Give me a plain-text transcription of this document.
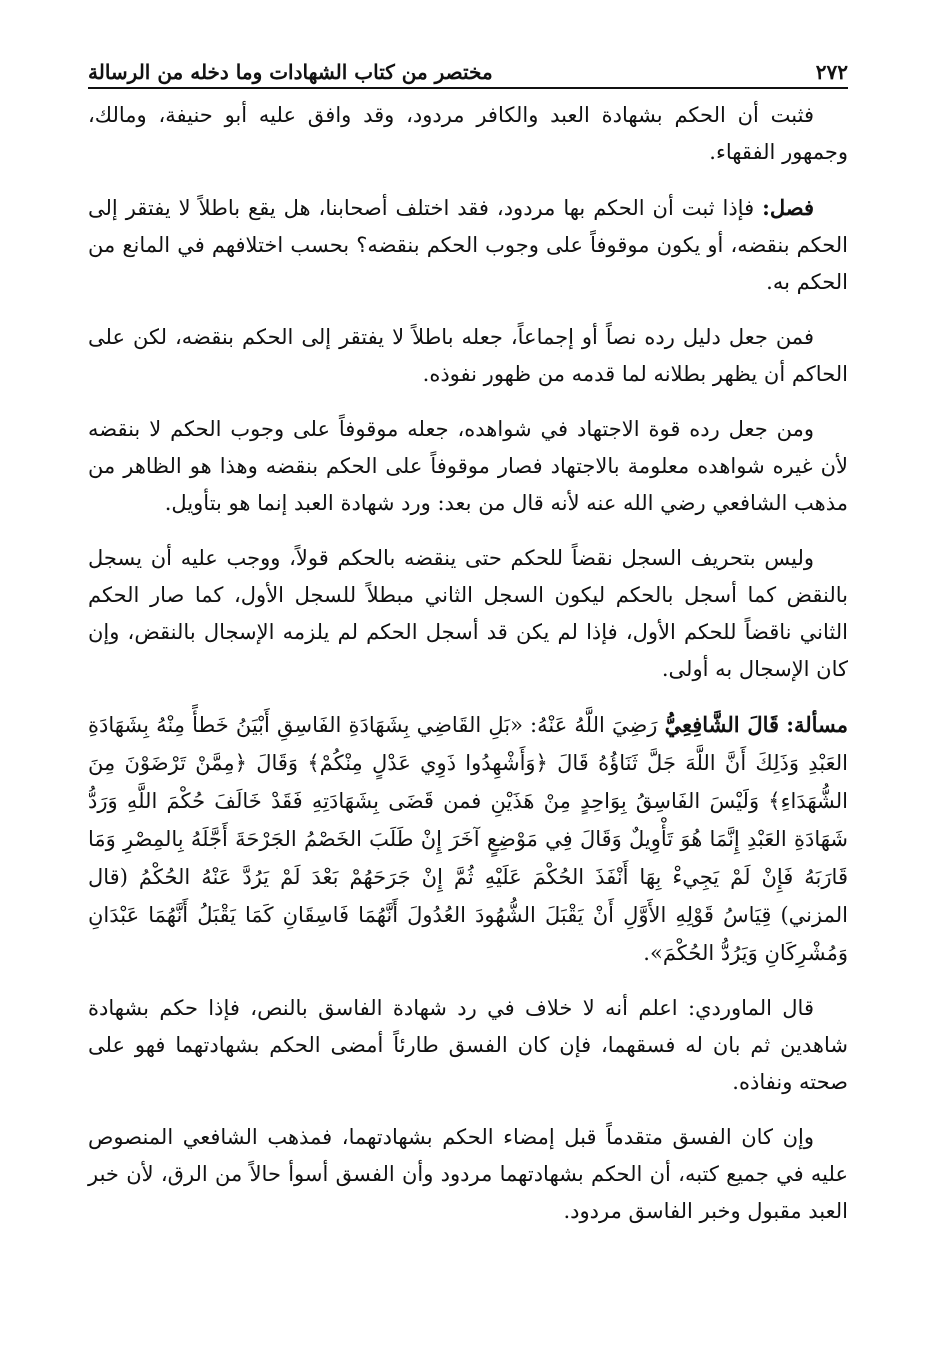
٢٧٢
مختصر من كتاب الشهادات وما دخله من الرسالة

فثبت أن الحكم بشهادة العبد والكافر مردود، وقد وافق عليه أبو حنيفة، ومالك، وجمهور الفقهاء.

فصل: فإذا ثبت أن الحكم بها مردود، فقد اختلف أصحابنا، هل يقع باطلاً لا يفتقر إلى الحكم بنقضه، أو يكون موقوفاً على وجوب الحكم بنقضه؟ بحسب اختلافهم في المانع من الحكم به.

فمن جعل دليل رده نصاً أو إجماعاً، جعله باطلاً لا يفتقر إلى الحكم بنقضه، لكن على الحاكم أن يظهر بطلانه لما قدمه من ظهور نفوذه.

ومن جعل رده قوة الاجتهاد في شواهده، جعله موقوفاً على وجوب الحكم لا بنقضه لأن غيره شواهده معلومة بالاجتهاد فصار موقوفاً على الحكم بنقضه وهذا هو الظاهر من مذهب الشافعي رضي الله عنه لأنه قال من بعد: ورد شهادة العبد إنما هو بتأويل.

وليس بتحريف السجل نقضاً للحكم حتى ينقضه بالحكم قولاً، ووجب عليه أن يسجل بالنقض كما أسجل بالحكم ليكون السجل الثاني مبطلاً للسجل الأول، كما صار الحكم الثاني ناقضاً للحكم الأول، فإذا لم يكن قد أسجل الحكم لم يلزمه الإسجال بالنقض، وإن كان الإسجال به أولى.

مسألة: قَالَ الشَّافِعِيُّ رَضِيَ اللَّهُ عَنْهُ: «بَلِ القَاضِي بِشَهَادَةِ الفَاسِقِ أَبْيَنُ خَطأً مِنْهُ بِشَهَادَةِ العَبْدِ وَذَلِكَ أَنَّ اللَّهَ جَلَّ ثَنَاؤُهُ قَالَ ﴿وَأَشْهِدُوا ذَوِي عَدْلٍ مِنْكُمْ﴾ وَقَالَ ﴿مِمَّنْ تَرْضَوْنَ مِنَ الشُّهَدَاءِ﴾ وَلَيْسَ الفَاسِقُ بِوَاحِدٍ مِنْ هَذَيْنِ فمن قَضَى بِشَهَادَتِهِ فَقَدْ خَالَفَ حُكْمَ اللَّهِ وَرَدُّ شَهَادَةِ العَبْدِ إِنَّمَا هُوَ تَأْوِيلٌ وَقَالَ فِي مَوْضِعٍ آخَرَ إِنْ طَلَبَ الخَصْمُ الجَرْحَةَ أَجَّلَهُ بِالمِصْرِ وَمَا قَارَبَهُ فَإِنْ لَمْ يَجِيءْ بِهَا أَنْفَذَ الحُكْمَ عَلَيْهِ ثُمَّ إِنْ جَرَحَهُمْ بَعْدَ لَمْ يَرُدَّ عَنْهُ الحُكْمُ (قال المزني) قِيَاسُ قَوْلِهِ الأَوَّلِ أَنْ يَقْبَلَ الشُّهُودَ العُدُولَ أَنَّهُمَا فَاسِقَانِ كَمَا يَقْبَلُ أَنَّهُمَا عَبْدَانِ وَمُشْرِكَانِ وَيَرُدُّ الحُكْمَ».

قال الماوردي: اعلم أنه لا خلاف في رد شهادة الفاسق بالنص، فإذا حكم بشهادة شاهدين ثم بان له فسقهما، فإن كان الفسق طارئاً أمضى الحكم بشهادتهما فهو على صحته ونفاذه.

وإن كان الفسق متقدماً قبل إمضاء الحكم بشهادتهما، فمذهب الشافعي المنصوص عليه في جميع كتبه، أن الحكم بشهادتهما مردود وأن الفسق أسوأ حالاً من الرق، لأن خبر العبد مقبول وخبر الفاسق مردود.
